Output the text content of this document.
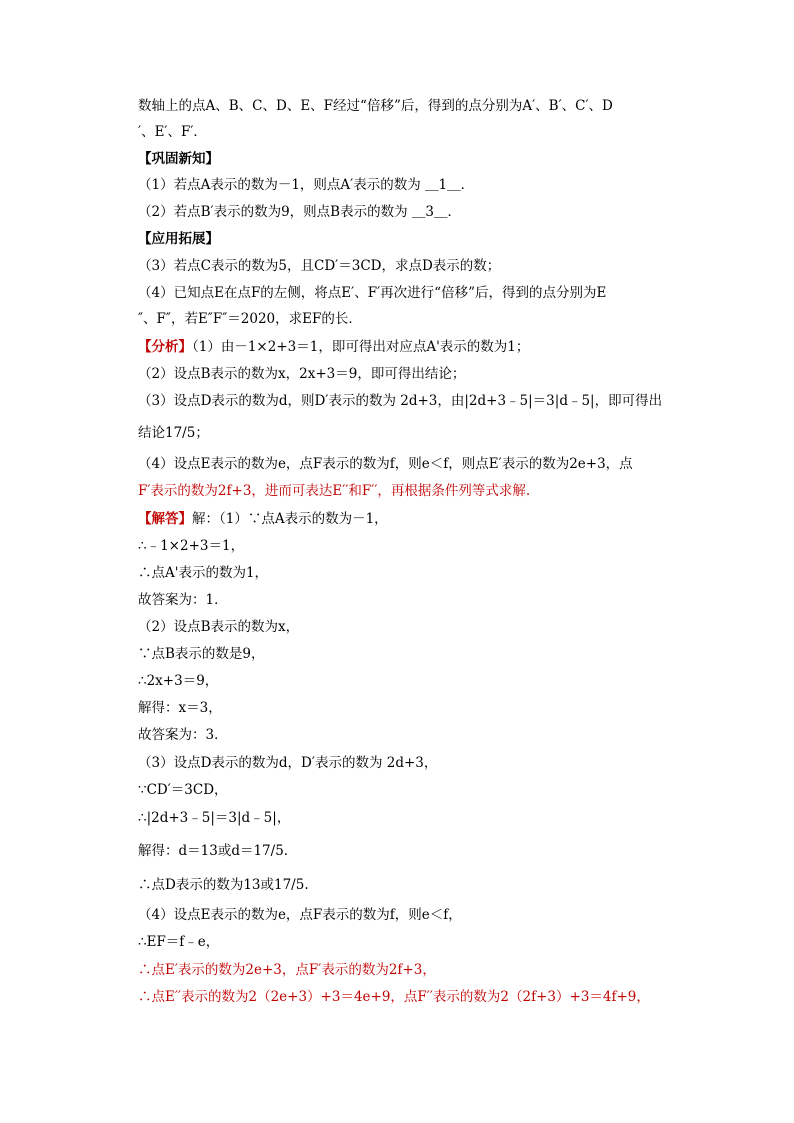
数轴上的点A、B、C、D、E、F经过“倍移”后，得到的点分别为A′、B′、C′、D
′、E′、F′．
【巩固新知】
（1）若点A表示的数为－1，则点A′表示的数为 ＿1＿．
（2）若点B′表示的数为9，则点B表示的数为 ＿3＿．
【应用拓展】
（3）若点C表示的数为5，且CD′＝3CD，求点D表示的数；
（4）已知点E在点F的左侧，将点E′、F′再次进行“倍移”后，得到的点分别为E
″、F″，若E″F″＝2020，求EF的长．
【分析】（1）由－1×2+3＝1，即可得出对应点A'表示的数为1；
（2）设点B表示的数为x，2x+3＝9，即可得出结论；
（3）设点D表示的数为d，则D′表示的数为 2d+3，由|2d+3﹣5|＝3|d﹣5|，即可得出
结论17/5；
（4）设点E表示的数为e，点F表示的数为f，则e＜f，则点E′表示的数为2e+3，点
F′表示的数为2f+3，进而可表达E′′和F′′，再根据条件列等式求解.
【解答】解：（1）∵点A表示的数为－1，
∴﹣1×2+3＝1，
∴点A'表示的数为1，
故答案为：1．
（2）设点B表示的数为x，
∵点B表示的数是9，
∴2x+3＝9，
解得：x＝3，
故答案为：3．
（3）设点D表示的数为d，D′表示的数为 2d+3，
∵CD′＝3CD，
∴|2d+3﹣5|＝3|d﹣5|，
解得：d＝13或d＝17/5.
∴点D表示的数为13或17/5.
（4）设点E表示的数为e，点F表示的数为f，则e＜f，
∴EF＝f﹣e，
∴点E′表示的数为2e+3，点F′表示的数为2f+3，
∴点E′′表示的数为2（2e+3）+3＝4e+9，点F′′表示的数为2（2f+3）+3＝4f+9，
